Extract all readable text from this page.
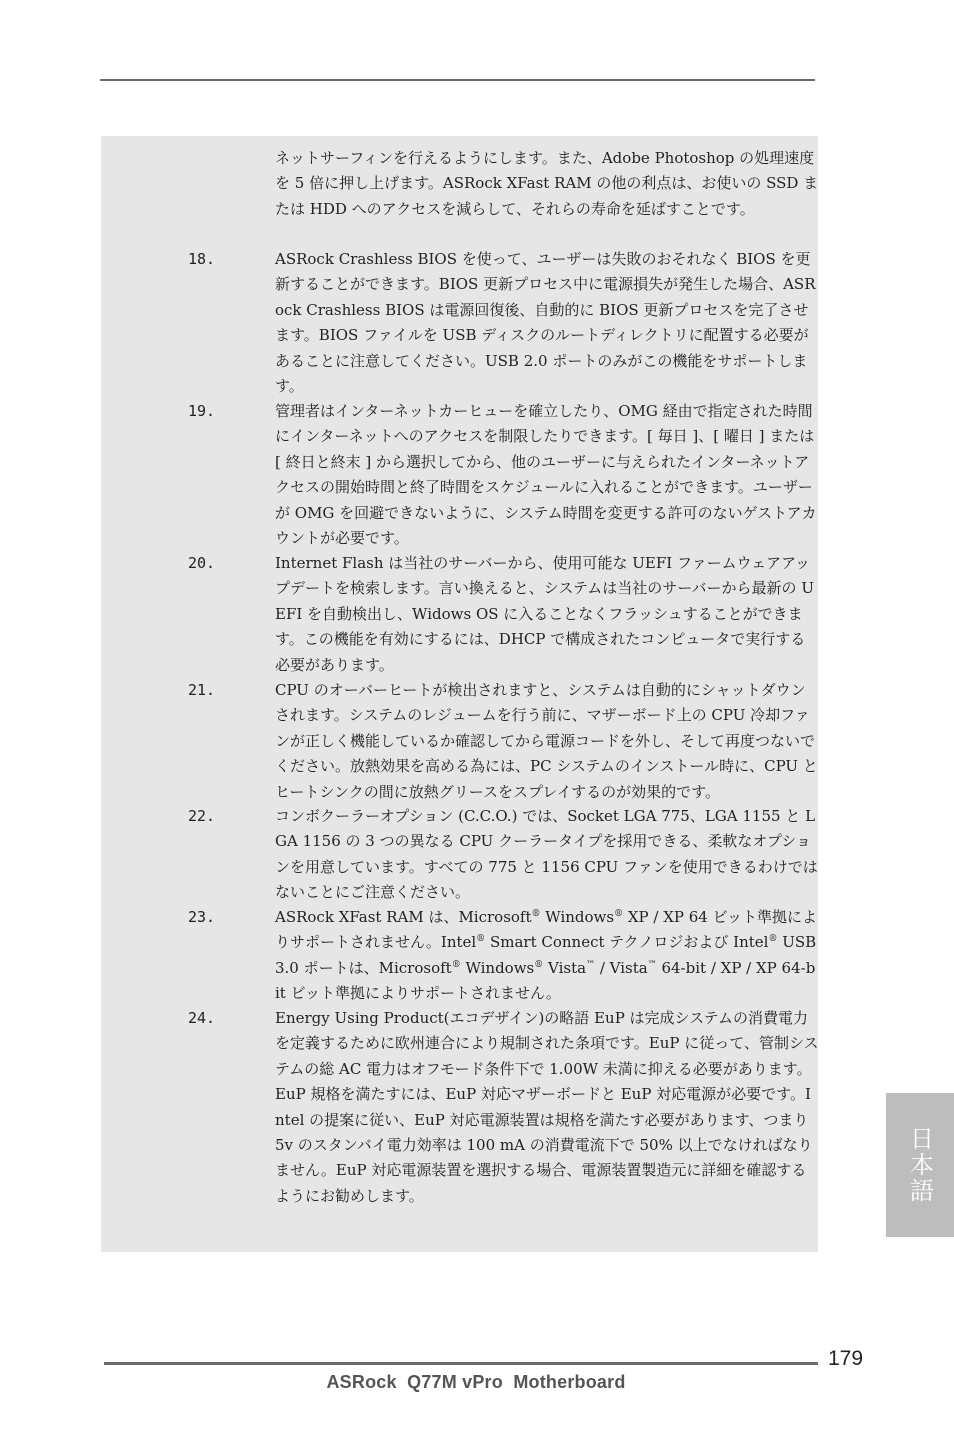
ネットサーフィンを行えるようにします。また、Adobe Photoshop の処理速度を 5 倍に押し上げます。ASRock XFast RAM の他の利点は、お使いの SSD または HDD へのアクセスを減らして、それらの寿命を延ばすことです。
18.	ASRock Crashless BIOS を使って、ユーザーは失敗のおそれなく BIOS を更新することができます。BIOS 更新プロセス中に電源損失が発生した場合、ASRock Crashless BIOS は電源回復後、自動的に BIOS 更新プロセスを完了させます。BIOS ファイルを USB ディスクのルートディレクトリに配置する必要があることに注意してください。USB 2.0 ポートのみがこの機能をサポートします。
19.	管理者はインターネットカーヒューを確立したり、OMG 経由で指定された時間にインターネットへのアクセスを制限したりできます。[ 毎日 ]、[ 曜日 ] または [ 終日と終末 ] から選択してから、他のユーザーに与えられたインターネットアクセスの開始時間と終了時間をスケジュールに入れることができます。ユーザーが OMG を回避できないように、システム時間を変更する許可のないゲストアカウントが必要です。
20.	Internet Flash は当社のサーバーから、使用可能な UEFI ファームウェアアップデートを検索します。言い換えると、システムは当社のサーバーから最新の UEFI を自動検出し、Widows OS に入ることなくフラッシュすることができます。この機能を有効にするには、DHCP で構成されたコンピュータで実行する必要があります。
21.	CPU のオーバーヒートが検出されますと、システムは自動的にシャットダウンされます。システムのレジュームを行う前に、マザーボード上の CPU 冷却ファンが正しく機能しているか確認してから電源コードを外し、そして再度つないでください。放熱効果を高める為には、PC システムのインストール時に、CPU とヒートシンクの間に放熱グリースをスプレイするのが効果的です。
22.	コンボクーラーオプション (C.C.O.) では、Socket LGA 775、LGA 1155 と LGA 1156 の 3 つの異なる CPU クーラータイプを採用できる、柔軟なオプションを用意しています。すべての 775 と 1156 CPU ファンを使用できるわけではないことにご注意ください。
23.	ASRock XFast RAM は、Microsoft® Windows® XP / XP 64 ビット準拠によりサポートされません。Intel® Smart Connect テクノロジおよび Intel® USB 3.0 ポートは、Microsoft® Windows® Vista™ / Vista™ 64-bit / XP / XP 64-bit ビット準拠によりサポートされません。
24.	Energy Using Product(エコデザイン)の略語 EuP は完成システムの消費電力を定義するために欧州連合により規制された条項です。EuP に従って、管制システムの総 AC 電力はオフモード条件下で 1.00W 未満に抑える必要があります。EuP 規格を満たすには、EuP 対応マザーボードと EuP 対応電源が必要です。Intel の提案に従い、EuP 対応電源装置は規格を満たす必要があります、つまり 5v のスタンバイ電力効率は 100 mA の消費電流下で 50% 以上でなければなりません。EuP 対応電源装置を選択する場合、電源装置製造元に詳細を確認するようにお勧めします。	日本語
179
ASRock  Q77M vPro  Motherboard
